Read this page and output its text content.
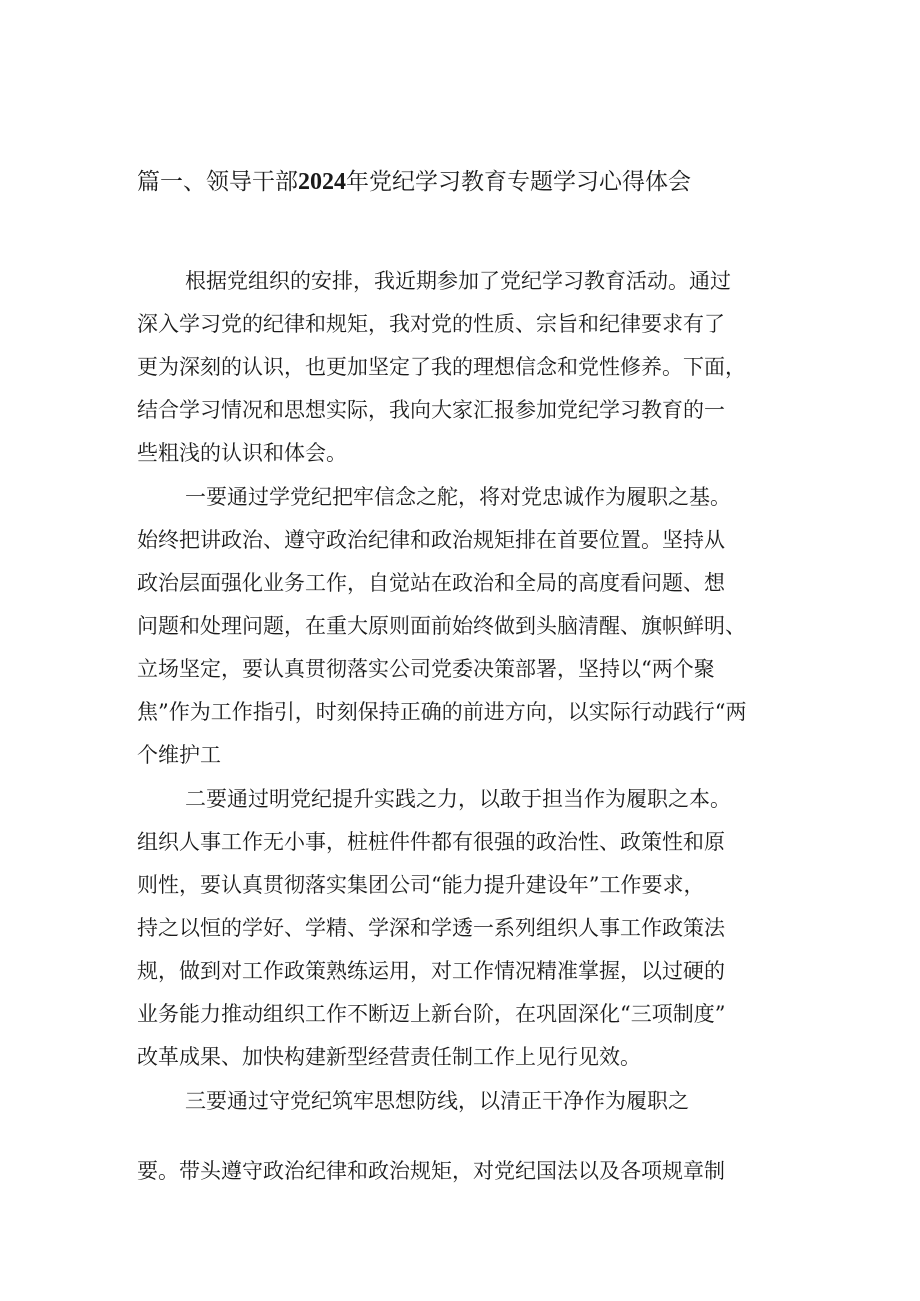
篇一、领导干部2024年党纪学习教育专题学习心得体会

根据党组织的安排，我近期参加了党纪学习教育活动。通过

深入学习党的纪律和规矩，我对党的性质、宗旨和纪律要求有了

更为深刻的认识，也更加坚定了我的理想信念和党性修养。下面，

结合学习情况和思想实际，我向大家汇报参加党纪学习教育的一

些粗浅的认识和体会。

一要通过学党纪把牢信念之舵，将对党忠诚作为履职之基。

始终把讲政治、遵守政治纪律和政治规矩排在首要位置。坚持从

政治层面强化业务工作，自觉站在政治和全局的高度看问题、想

问题和处理问题，在重大原则面前始终做到头脑清醒、旗帜鲜明、

立场坚定，要认真贯彻落实公司党委决策部署，坚持以“两个聚

焦”作为工作指引，时刻保持正确的前进方向，以实际行动践行“两

个维护工

二要通过明党纪提升实践之力，以敢于担当作为履职之本。

组织人事工作无小事，桩桩件件都有很强的政治性、政策性和原

则性，要认真贯彻落实集团公司“能力提升建设年”工作要求，

持之以恒的学好、学精、学深和学透一系列组织人事工作政策法

规，做到对工作政策熟练运用，对工作情况精准掌握，以过硬的

业务能力推动组织工作不断迈上新台阶，在巩固深化“三项制度”

改革成果、加快构建新型经营责任制工作上见行见效。

三要通过守党纪筑牢思想防线，以清正干净作为履职之

要。带头遵守政治纪律和政治规矩，对党纪国法以及各项规章制
